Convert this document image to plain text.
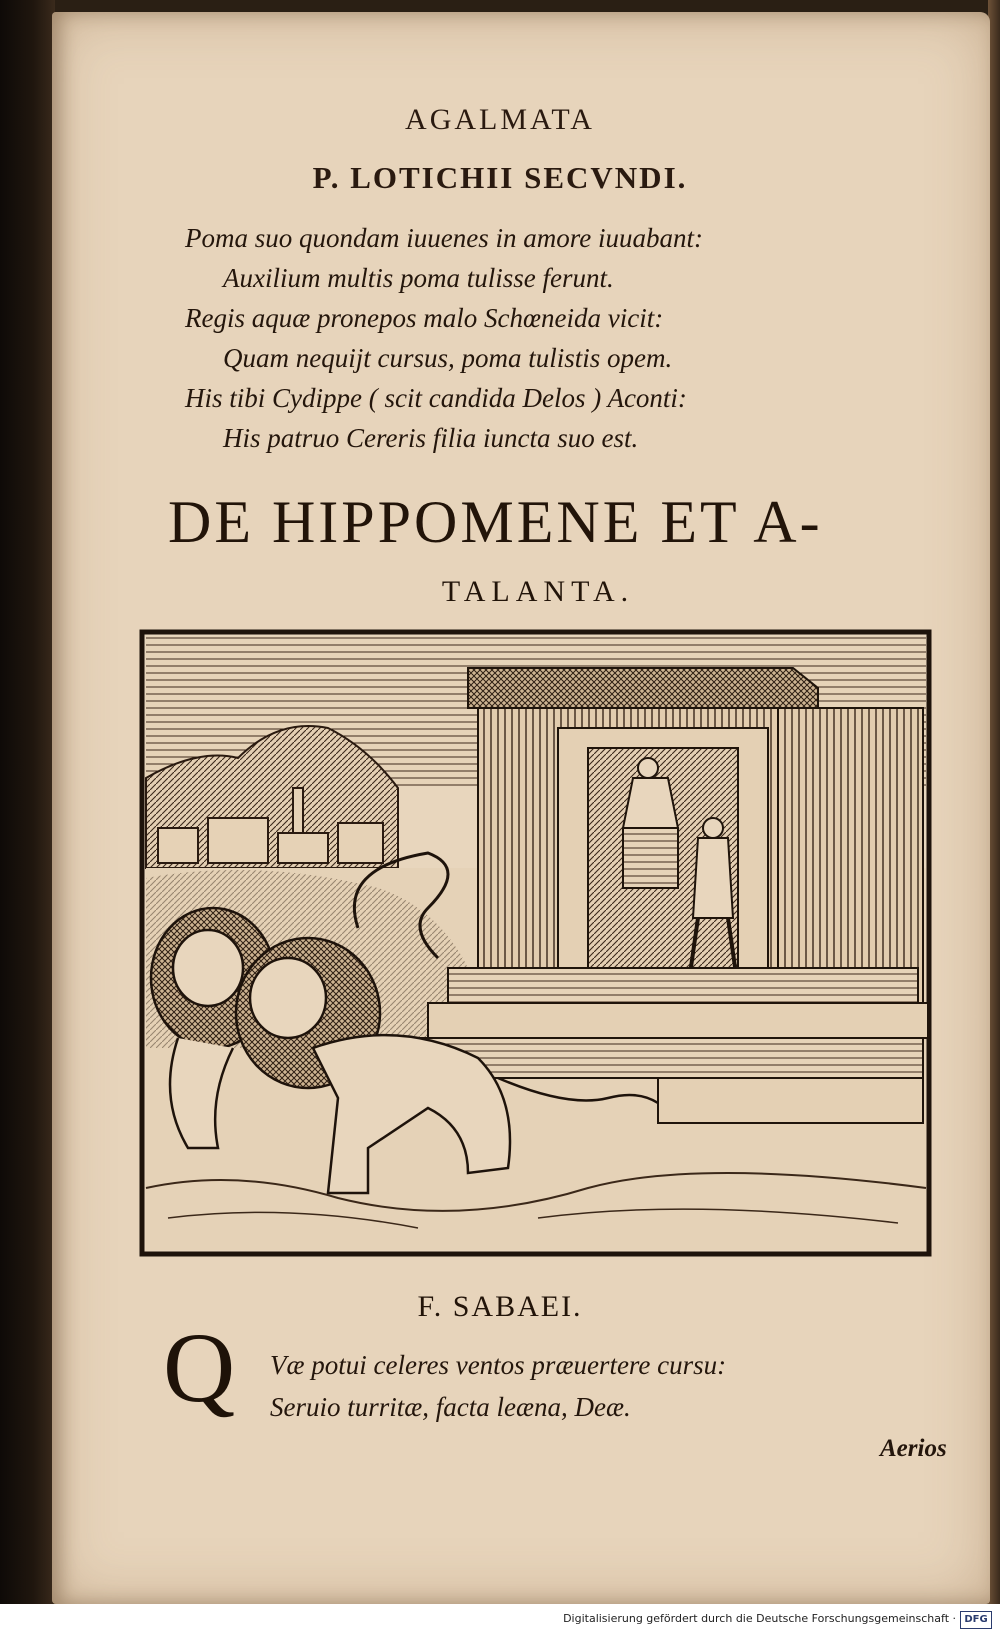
AGALMATA
P. LOTICHII SECVNDI.
Poma suo quondam iuuenes in amore iuuabant:
Auxilium multis poma tulisse ferunt.
Regis aquæ pronepos malo Schœneida vicit:
Quam nequijt cursus, poma tulistis opem.
His tibi Cydippe ( scit candida Delos ) Aconti:
His patruo Cereris filia iuncta suo est.
DE HIPPOMENE ET A-
TALANTA.
F. SABAEI.
Q	Væ potui celeres ventos præuertere cursu:
Seruio turritæ, facta leæna, Deæ.
Aerios
Digitalisierung gefördert durch die Deutsche Forschungsgemeinschaft · DFG
